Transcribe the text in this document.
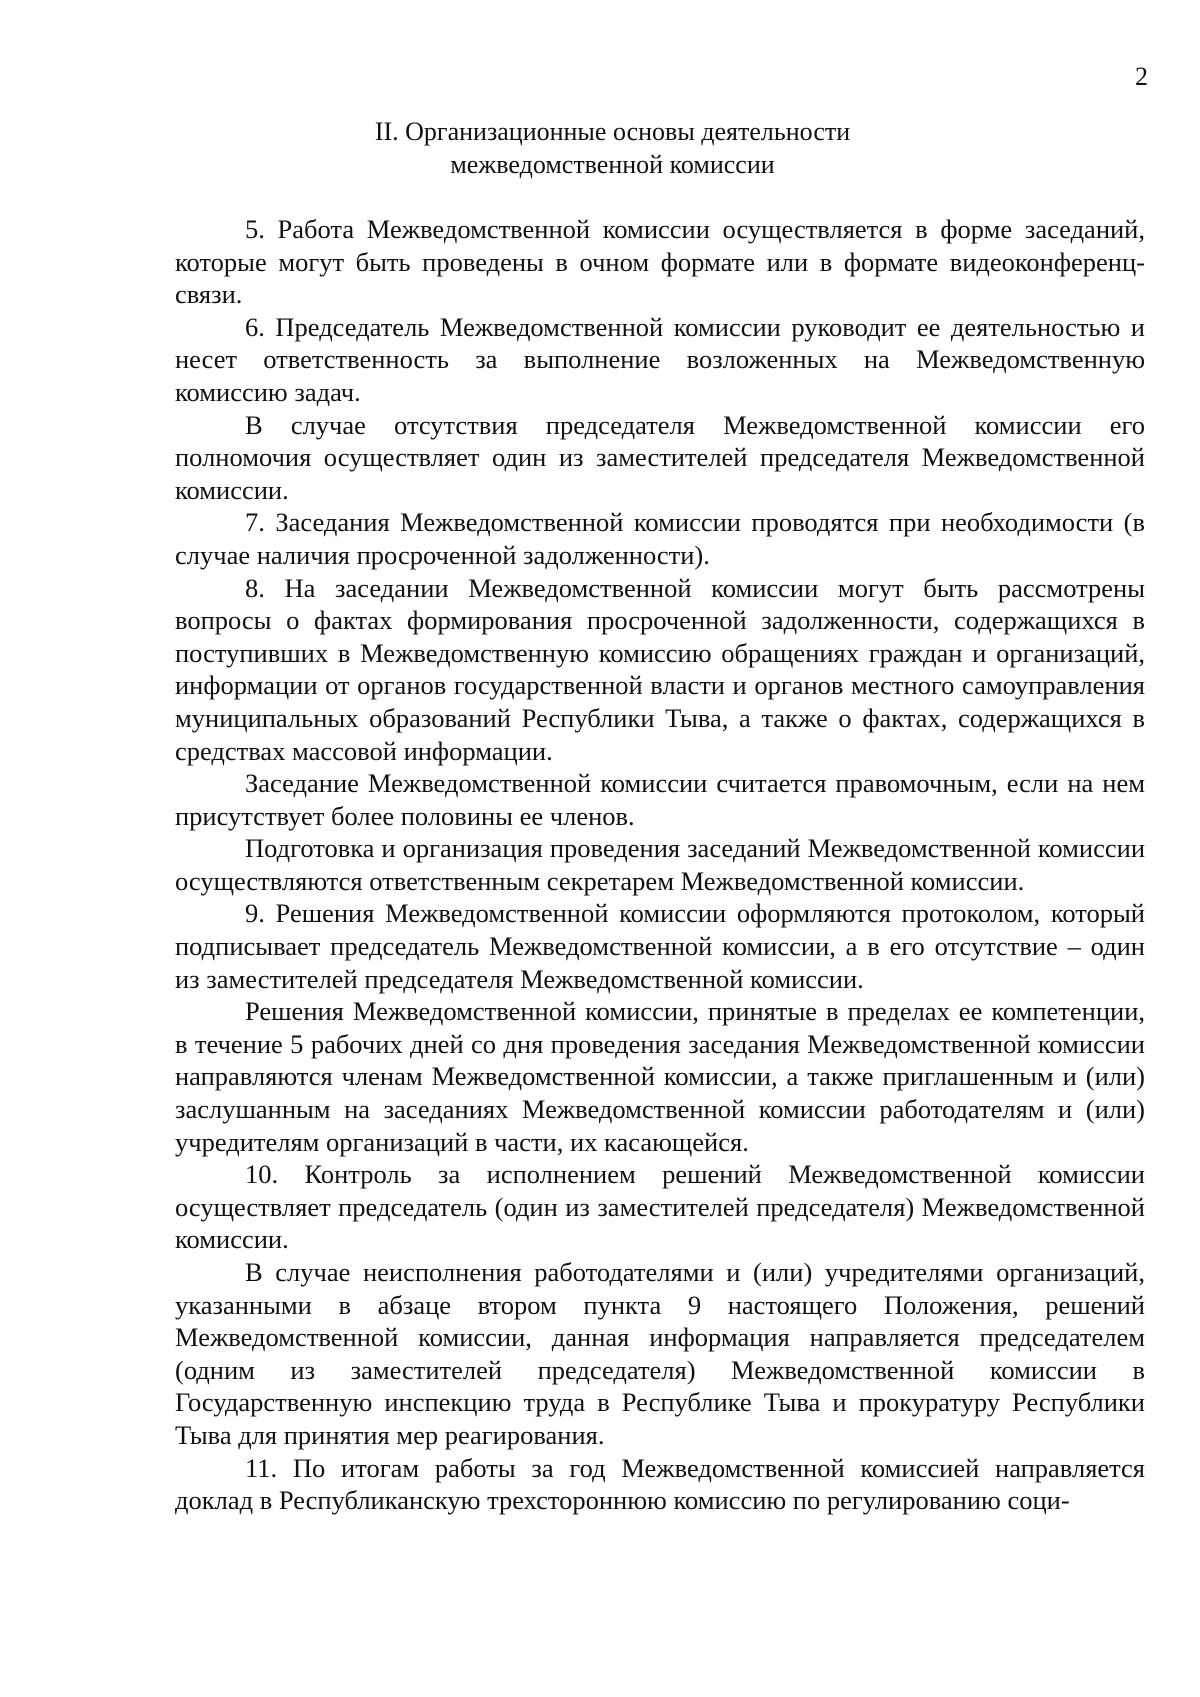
2
II. Организационные основы деятельности
межведомственной комиссии

5. Работа Межведомственной комиссии осуществляется в форме заседаний, которые могут быть проведены в очном формате или в формате видеоконференц-связи.

6. Председатель Межведомственной комиссии руководит ее деятельностью и несет ответственность за выполнение возложенных на Межведомственную комиссию задач.

В случае отсутствия председателя Межведомственной комиссии его полномочия осуществляет один из заместителей председателя Межведомственной комиссии.

7. Заседания Межведомственной комиссии проводятся при необходимости (в случае наличия просроченной задолженности).

8. На заседании Межведомственной комиссии могут быть рассмотрены вопросы о фактах формирования просроченной задолженности, содержащихся в поступивших в Межведомственную комиссию обращениях граждан и организаций, информации от органов государственной власти и органов местного самоуправления муниципальных образований Республики Тыва, а также о фактах, содержащихся в средствах массовой информации.

Заседание Межведомственной комиссии считается правомочным, если на нем присутствует более половины ее членов.

Подготовка и организация проведения заседаний Межведомственной комиссии осуществляются ответственным секретарем Межведомственной комиссии.

9. Решения Межведомственной комиссии оформляются протоколом, который подписывает председатель Межведомственной комиссии, а в его отсутствие – один из заместителей председателя Межведомственной комиссии.

Решения Межведомственной комиссии, принятые в пределах ее компетенции, в течение 5 рабочих дней со дня проведения заседания Межведомственной комиссии направляются членам Межведомственной комиссии, а также приглашенным и (или) заслушанным на заседаниях Межведомственной комиссии работодателям и (или) учредителям организаций в части, их касающейся.

10. Контроль за исполнением решений Межведомственной комиссии осуществляет председатель (один из заместителей председателя) Межведомственной комиссии.

В случае неисполнения работодателями и (или) учредителями организаций, указанными в абзаце втором пункта 9 настоящего Положения, решений Межведомственной комиссии, данная информация направляется председателем (одним из заместителей председателя) Межведомственной комиссии в Государственную инспекцию труда в Республике Тыва и прокуратуру Республики Тыва для принятия мер реагирования.

11. По итогам работы за год Межведомственной комиссией направляется доклад в Республиканскую трехстороннюю комиссию по регулированию соци-
